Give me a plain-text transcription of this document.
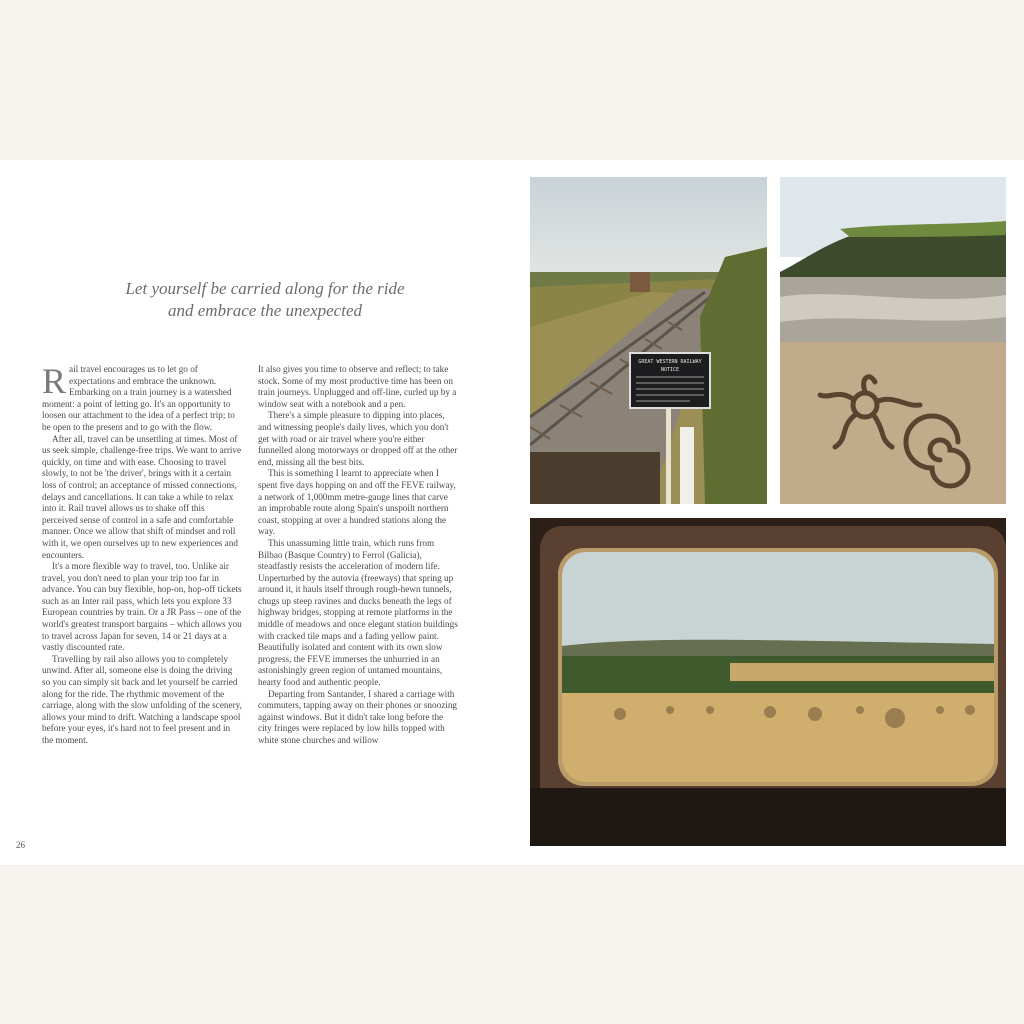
Let yourself be carried along for the ride
and embrace the unexpected

Rail travel encourages us to let go of expectations and embrace the unknown. Embarking on a train journey is a watershed moment: a point of letting go. It's an opportunity to loosen our attachment to the idea of a perfect trip; to be open to the present and to go with the flow.

After all, travel can be unsettling at times. Most of us seek simple, challenge-free trips. We want to arrive quickly, on time and with ease. Choosing to travel slowly, to not be 'the driver', brings with it a certain loss of control; an acceptance of missed connections, delays and cancellations. It can take a while to relax into it. Rail travel allows us to shake off this perceived sense of control in a safe and comfortable manner. Once we allow that shift of mindset and roll with it, we open ourselves up to new experiences and encounters.

It's a more flexible way to travel, too. Unlike air travel, you don't need to plan your trip too far in advance. You can buy flexible, hop-on, hop-off tickets such as an Inter rail pass, which lets you explore 33 European countries by train. Or a JR Pass – one of the world's greatest transport bargains – which allows you to travel across Japan for seven, 14 or 21 days at a vastly discounted rate.

Travelling by rail also allows you to completely unwind. After all, someone else is doing the driving so you can simply sit back and let yourself be carried along for the ride. The rhythmic movement of the carriage, along with the slow unfolding of the scenery, allows your mind to drift. Watching a landscape spool before your eyes, it's hard not to feel present and in the moment.

It also gives you time to observe and reflect; to take stock. Some of my most productive time has been on train journeys. Unplugged and off-line, curled up by a window seat with a notebook and a pen.

There's a simple pleasure to dipping into places, and witnessing people's daily lives, which you don't get with road or air travel where you're either funnelled along motorways or dropped off at the other end, missing all the best bits.

This is something I learnt to appreciate when I spent five days hopping on and off the FEVE railway, a network of 1,000mm metre-gauge lines that carve an improbable route along Spain's unspoilt northern coast, stopping at over a hundred stations along the way.

This unassuming little train, which runs from Bilbao (Basque Country) to Ferrol (Galicia), steadfastly resists the acceleration of modern life. Unperturbed by the autovía (freeways) that spring up around it, it hauls itself through rough-hewn tunnels, chugs up steep ravines and ducks beneath the legs of highway bridges, stopping at remote platforms in the middle of meadows and once elegant station buildings with cracked tile maps and a fading yellow paint. Beautifully isolated and content with its own slow progress, the FEVE immerses the unhurried in an astonishingly green region of untamed mountains, hearty food and authentic people.

Departing from Santander, I shared a carriage with commuters, tapping away on their phones or snoozing against windows. But it didn't take long before the city fringes were replaced by low hills topped with white stone churches and willow

26
GREAT WESTERN RAILWAY
NOTICE
